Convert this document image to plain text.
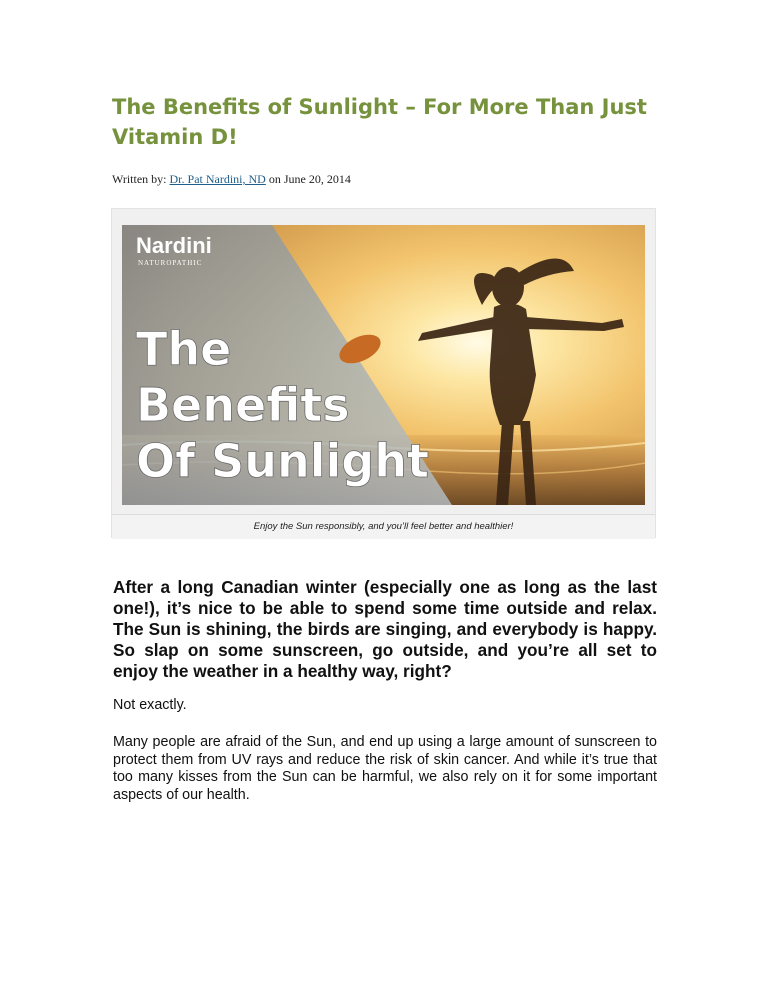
The Benefits of Sunlight – For More Than Just Vitamin D!
Written by: Dr. Pat Nardini, ND on June 20, 2014
Nardini
NATUROPATHIC
The
Benefits
Of Sunlight
Enjoy the Sun responsibly, and you’ll feel better and healthier!

After a long Canadian winter (especially one as long as the last one!), it’s nice to be able to spend some time outside and relax. The Sun is shining, the birds are singing, and everybody is happy. So slap on some sunscreen, go outside, and you’re all set to enjoy the weather in a healthy way, right?

Not exactly.

Many people are afraid of the Sun, and end up using a large amount of sunscreen to protect them from UV rays and reduce the risk of skin cancer. And while it’s true that too many kisses from the Sun can be harmful, we also rely on it for some important aspects of our health.
